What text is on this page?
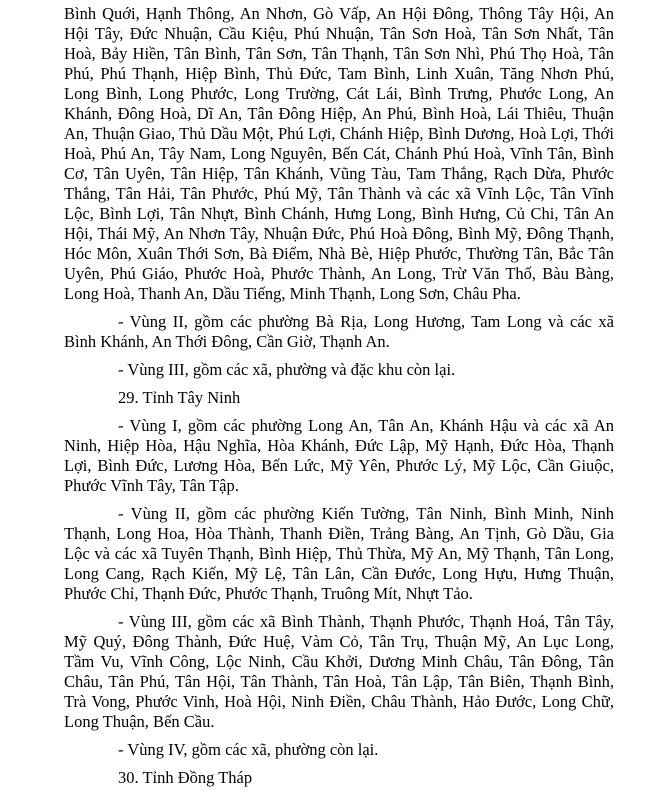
Bình Quới, Hạnh Thông, An Nhơn, Gò Vấp, An Hội Đông, Thông Tây Hội, An Hội Tây, Đức Nhuận, Cầu Kiệu, Phú Nhuận, Tân Sơn Hoà, Tân Sơn Nhất, Tân Hoà, Bảy Hiền, Tân Bình, Tân Sơn, Tân Thạnh, Tân Sơn Nhì, Phú Thọ Hoà, Tân Phú, Phú Thạnh, Hiệp Bình, Thủ Đức, Tam Bình, Linh Xuân, Tăng Nhơn Phú, Long Bình, Long Phước, Long Trường, Cát Lái, Bình Trưng, Phước Long, An Khánh, Đông Hoà, Dĩ An, Tân Đông Hiệp, An Phú, Bình Hoà, Lái Thiêu, Thuận An, Thuận Giao, Thủ Dầu Một, Phú Lợi, Chánh Hiệp, Bình Dương, Hoà Lợi, Thới Hoà, Phú An, Tây Nam, Long Nguyên, Bến Cát, Chánh Phú Hoà, Vĩnh Tân, Bình Cơ, Tân Uyên, Tân Hiệp, Tân Khánh, Vũng Tàu, Tam Thắng, Rạch Dừa, Phước Thắng, Tân Hải, Tân Phước, Phú Mỹ, Tân Thành và các xã Vĩnh Lộc, Tân Vĩnh Lộc, Bình Lợi, Tân Nhựt, Bình Chánh, Hưng Long, Bình Hưng, Củ Chi, Tân An Hội, Thái Mỹ, An Nhơn Tây, Nhuận Đức, Phú Hoà Đông, Bình Mỹ, Đông Thạnh, Hóc Môn, Xuân Thới Sơn, Bà Điểm, Nhà Bè, Hiệp Phước, Thường Tân, Bắc Tân Uyên, Phú Giáo, Phước Hoà, Phước Thành, An Long, Trừ Văn Thố, Bàu Bàng, Long Hoà, Thanh An, Dầu Tiếng, Minh Thạnh, Long Sơn, Châu Pha.

- Vùng II, gồm các phường Bà Rịa, Long Hương, Tam Long và các xã Bình Khánh, An Thới Đông, Cần Giờ, Thạnh An.

- Vùng III, gồm các xã, phường và đặc khu còn lại.

29. Tỉnh Tây Ninh

- Vùng I, gồm các phường Long An, Tân An, Khánh Hậu và các xã An Ninh, Hiệp Hòa, Hậu Nghĩa, Hòa Khánh, Đức Lập, Mỹ Hạnh, Đức Hòa, Thạnh Lợi, Bình Đức, Lương Hòa, Bến Lức, Mỹ Yên, Phước Lý, Mỹ Lộc, Cần Giuộc, Phước Vĩnh Tây, Tân Tập.

- Vùng II, gồm các phường Kiến Tường, Tân Ninh, Bình Minh, Ninh Thạnh, Long Hoa, Hòa Thành, Thanh Điền, Trảng Bàng, An Tịnh, Gò Dầu, Gia Lộc và các xã Tuyên Thạnh, Bình Hiệp, Thủ Thừa, Mỹ An, Mỹ Thạnh, Tân Long, Long Cang, Rạch Kiến, Mỹ Lệ, Tân Lân, Cần Đước, Long Hựu, Hưng Thuận, Phước Chỉ, Thạnh Đức, Phước Thạnh, Truông Mít, Nhựt Tảo.

- Vùng III, gồm các xã Bình Thành, Thạnh Phước, Thạnh Hoá, Tân Tây, Mỹ Quý, Đông Thành, Đức Huệ, Vàm Cỏ, Tân Trụ, Thuận Mỹ, An Lục Long, Tầm Vu, Vĩnh Công, Lộc Ninh, Cầu Khởi, Dương Minh Châu, Tân Đông, Tân Châu, Tân Phú, Tân Hội, Tân Thành, Tân Hoà, Tân Lập, Tân Biên, Thạnh Bình, Trà Vong, Phước Vinh, Hoà Hội, Ninh Điền, Châu Thành, Hảo Đước, Long Chữ, Long Thuận, Bến Cầu.

- Vùng IV, gồm các xã, phường còn lại.

30. Tỉnh Đồng Tháp
